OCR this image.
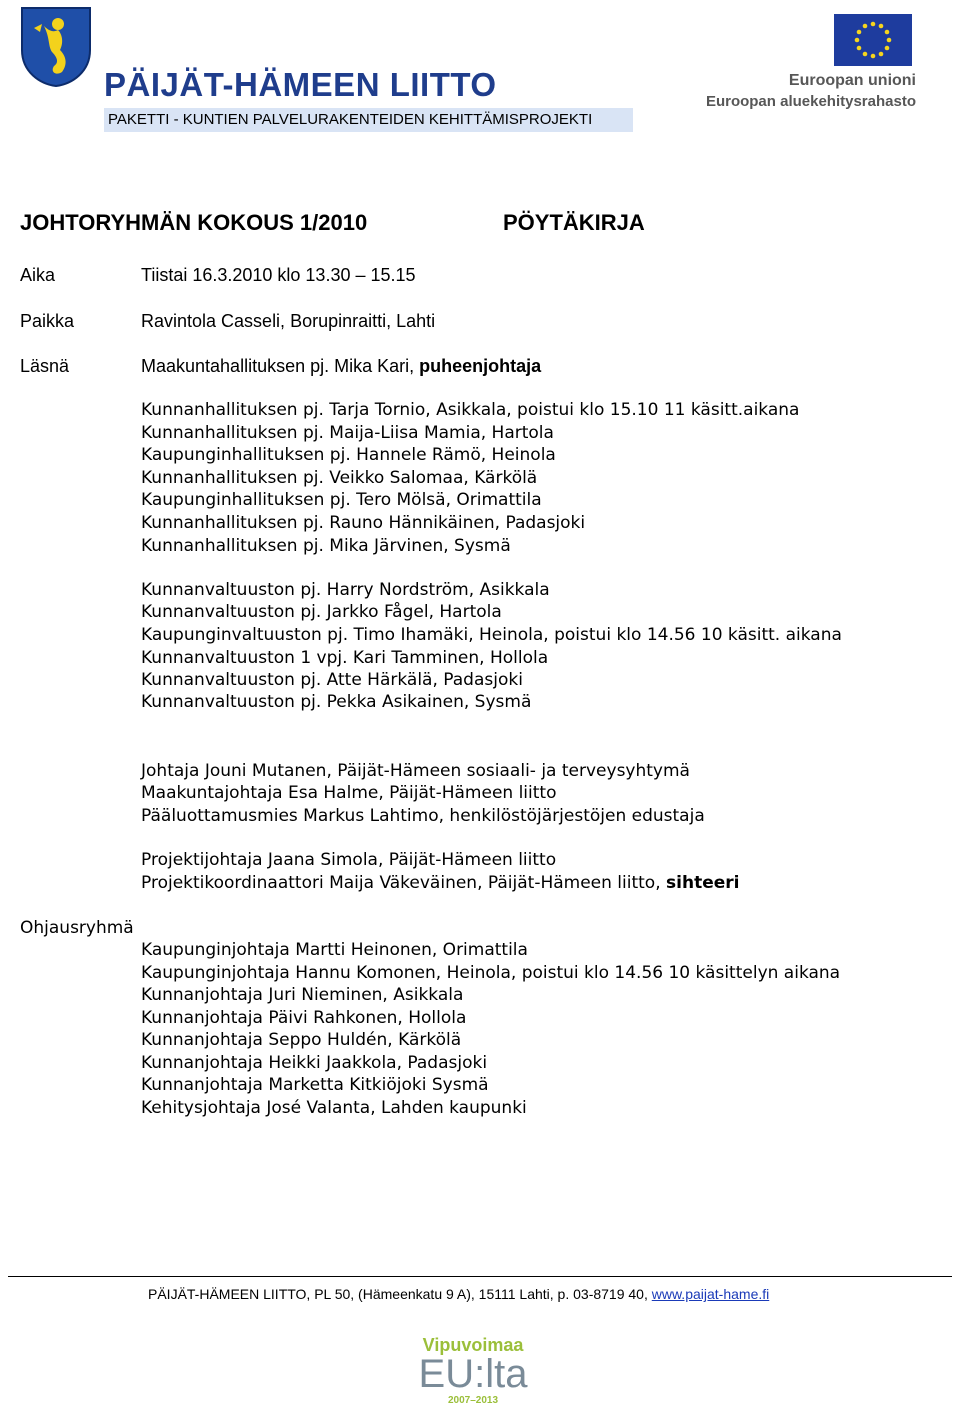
PÄIJÄT-HÄMEEN LIITTO
PAKETTI - KUNTIEN PALVELURAKENTEIDEN KEHITTÄMISPROJEKTI
Euroopan unioni
Euroopan aluekehitysrahasto
JOHTORYHMÄN KOKOUS 1/2010	PÖYTÄKIRJA
Aika	Tiistai 16.3.2010 klo 13.30 – 15.15
Paikka	Ravintola Casseli, Borupinraitti, Lahti
Läsnä	Maakuntahallituksen pj. Mika Kari, puheenjohtaja
Kunnanhallituksen pj. Tarja Tornio, Asikkala, poistui klo 15.10 11 käsitt.aikana
Kunnanhallituksen pj. Maija-Liisa Mamia, Hartola
Kaupunginhallituksen pj. Hannele Rämö, Heinola
Kunnanhallituksen pj. Veikko Salomaa, Kärkölä
Kaupunginhallituksen pj. Tero Mölsä, Orimattila
Kunnanhallituksen pj. Rauno Hännikäinen, Padasjoki
Kunnanhallituksen pj. Mika Järvinen, Sysmä
Kunnanvaltuuston pj. Harry Nordström, Asikkala
Kunnanvaltuuston pj. Jarkko Fågel, Hartola
Kaupunginvaltuuston pj. Timo Ihamäki, Heinola, poistui klo 14.56 10 käsitt. aikana
Kunnanvaltuuston 1 vpj. Kari Tamminen, Hollola
Kunnanvaltuuston pj. Atte Härkälä, Padasjoki
Kunnanvaltuuston pj. Pekka Asikainen, Sysmä
Johtaja Jouni Mutanen, Päijät-Hämeen sosiaali- ja terveysyhtymä
Maakuntajohtaja Esa Halme, Päijät-Hämeen liitto
Pääluottamusmies Markus Lahtimo, henkilöstöjärjestöjen edustaja
Projektijohtaja Jaana Simola, Päijät-Hämeen liitto
Projektikoordinaattori Maija Väkeväinen, Päijät-Hämeen liitto, sihteeri
Ohjausryhmä
Kaupunginjohtaja Martti Heinonen, Orimattila
Kaupunginjohtaja Hannu Komonen, Heinola, poistui klo 14.56 10 käsittelyn aikana
Kunnanjohtaja Juri Nieminen, Asikkala
Kunnanjohtaja Päivi Rahkonen, Hollola
Kunnanjohtaja Seppo Huldén, Kärkölä
Kunnanjohtaja Heikki Jaakkola, Padasjoki
Kunnanjohtaja Marketta Kitkiöjoki Sysmä
Kehitysjohtaja José Valanta, Lahden kaupunki
PÄIJÄT-HÄMEEN LIITTO, PL 50, (Hämeenkatu 9 A), 15111 Lahti, p. 03-8719 40, www.paijat-hame.fi
Vipuvoimaa
EU:lta
2007–2013
